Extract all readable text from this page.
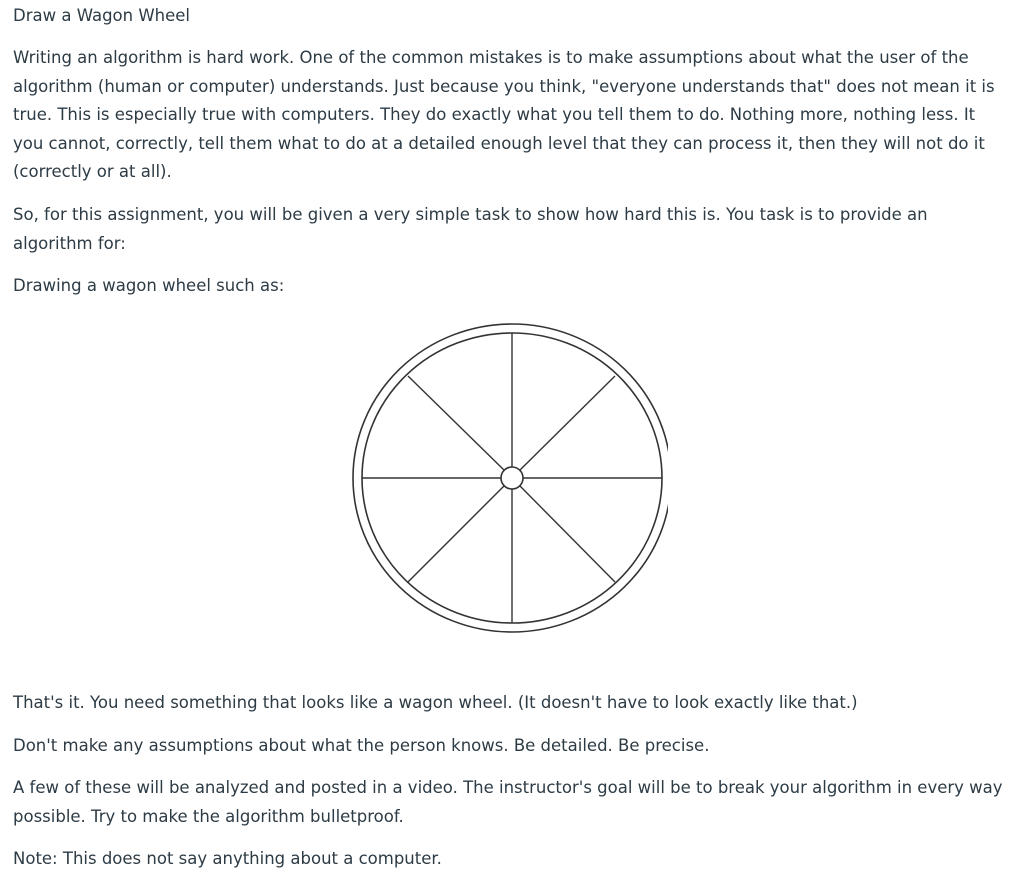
Draw a Wagon Wheel

Writing an algorithm is hard work. One of the common mistakes is to make assumptions about what the user of the algorithm (human or computer) understands. Just because you think, "everyone understands that" does not mean it is true. This is especially true with computers. They do exactly what you tell them to do. Nothing more, nothing less. It you cannot, correctly, tell them what to do at a detailed enough level that they can process it, then they will not do it (correctly or at all).

So, for this assignment, you will be given a very simple task to show how hard this is. You task is to provide an algorithm for:

Drawing a wagon wheel such as:

That's it. You need something that looks like a wagon wheel. (It doesn't have to look exactly like that.)

Don't make any assumptions about what the person knows. Be detailed. Be precise.

A few of these will be analyzed and posted in a video. The instructor's goal will be to break your algorithm in every way possible. Try to make the algorithm bulletproof.

Note: This does not say anything about a computer.
